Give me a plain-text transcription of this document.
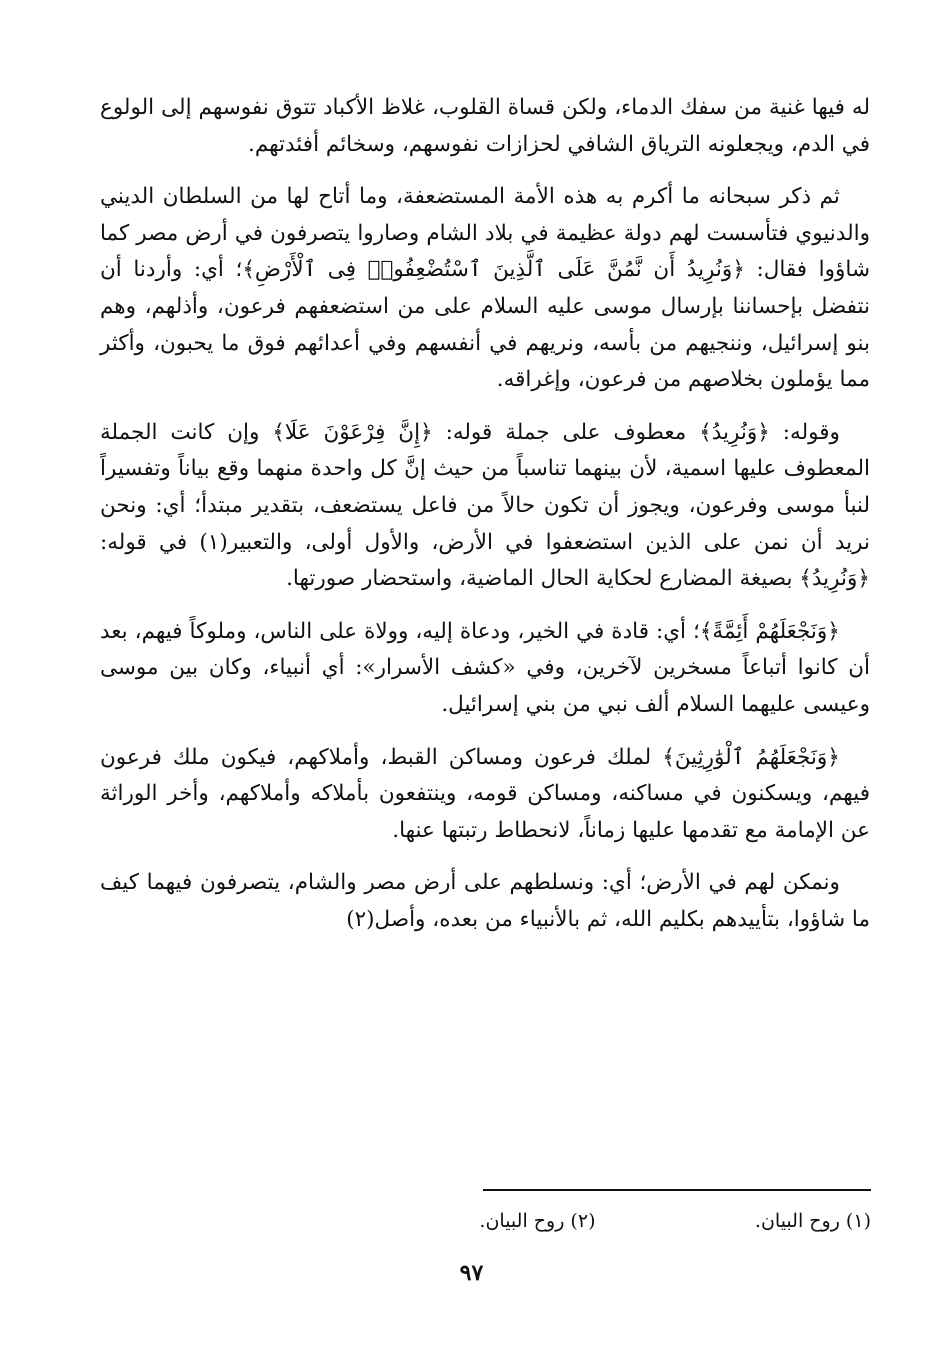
له فيها غنية من سفك الدماء، ولكن قساة القلوب، غلاظ الأكباد تتوق نفوسهم إلى الولوع في الدم، ويجعلونه الترياق الشافي لحزازات نفوسهم، وسخائم أفئدتهم.

ثم ذكر سبحانه ما أكرم به هذه الأمة المستضعفة، وما أتاح لها من السلطان الديني والدنيوي فتأسست لهم دولة عظيمة في بلاد الشام وصاروا يتصرفون في أرض مصر كما شاؤوا فقال: ﴿وَنُرِيدُ أَن نَّمُنَّ عَلَى ٱلَّذِينَ ٱسْتُضْعِفُوا۟ فِى ٱلْأَرْضِ﴾؛ أي: وأردنا أن نتفضل بإحساننا بإرسال موسى عليه السلام على من استضعفهم فرعون، وأذلهم، وهم بنو إسرائيل، وننجيهم من بأسه، ونريهم في أنفسهم وفي أعدائهم فوق ما يحبون، وأكثر مما يؤملون بخلاصهم من فرعون، وإغراقه.

وقوله: ﴿وَنُرِيدُ﴾ معطوف على جملة قوله: ﴿إِنَّ فِرْعَوْنَ عَلَا﴾ وإن كانت الجملة المعطوف عليها اسمية، لأن بينهما تناسباً من حيث إنَّ كل واحدة منهما وقع بياناً وتفسيراً لنبأ موسى وفرعون، ويجوز أن تكون حالاً من فاعل يستضعف، بتقدير مبتدأ؛ أي: ونحن نريد أن نمن على الذين استضعفوا في الأرض، والأول أولى، والتعبير(١) في قوله: ﴿وَنُرِيدُ﴾ بصيغة المضارع لحكاية الحال الماضية، واستحضار صورتها.

﴿وَنَجْعَلَهُمْ أَئِمَّةً﴾؛ أي: قادة في الخير، ودعاة إليه، وولاة على الناس، وملوكاً فيهم، بعد أن كانوا أتباعاً مسخرين لآخرين، وفي «كشف الأسرار»: أي أنبياء، وكان بين موسى وعيسى عليهما السلام ألف نبي من بني إسرائيل.

﴿وَنَجْعَلَهُمُ ٱلْوَٰرِثِينَ﴾ لملك فرعون ومساكن القبط، وأملاكهم، فيكون ملك فرعون فيهم، ويسكنون في مساكنه، ومساكن قومه، وينتفعون بأملاكه وأملاكهم، وأخر الوراثة عن الإمامة مع تقدمها عليها زماناً، لانحطاط رتبتها عنها.

ونمكن لهم في الأرض؛ أي: ونسلطهم على أرض مصر والشام، يتصرفون فيهما كيف ما شاؤوا، بتأييدهم بكليم الله، ثم بالأنبياء من بعده، وأصل(٢)

(١) روح البيان.
(٢) روح البيان.
٩٧
